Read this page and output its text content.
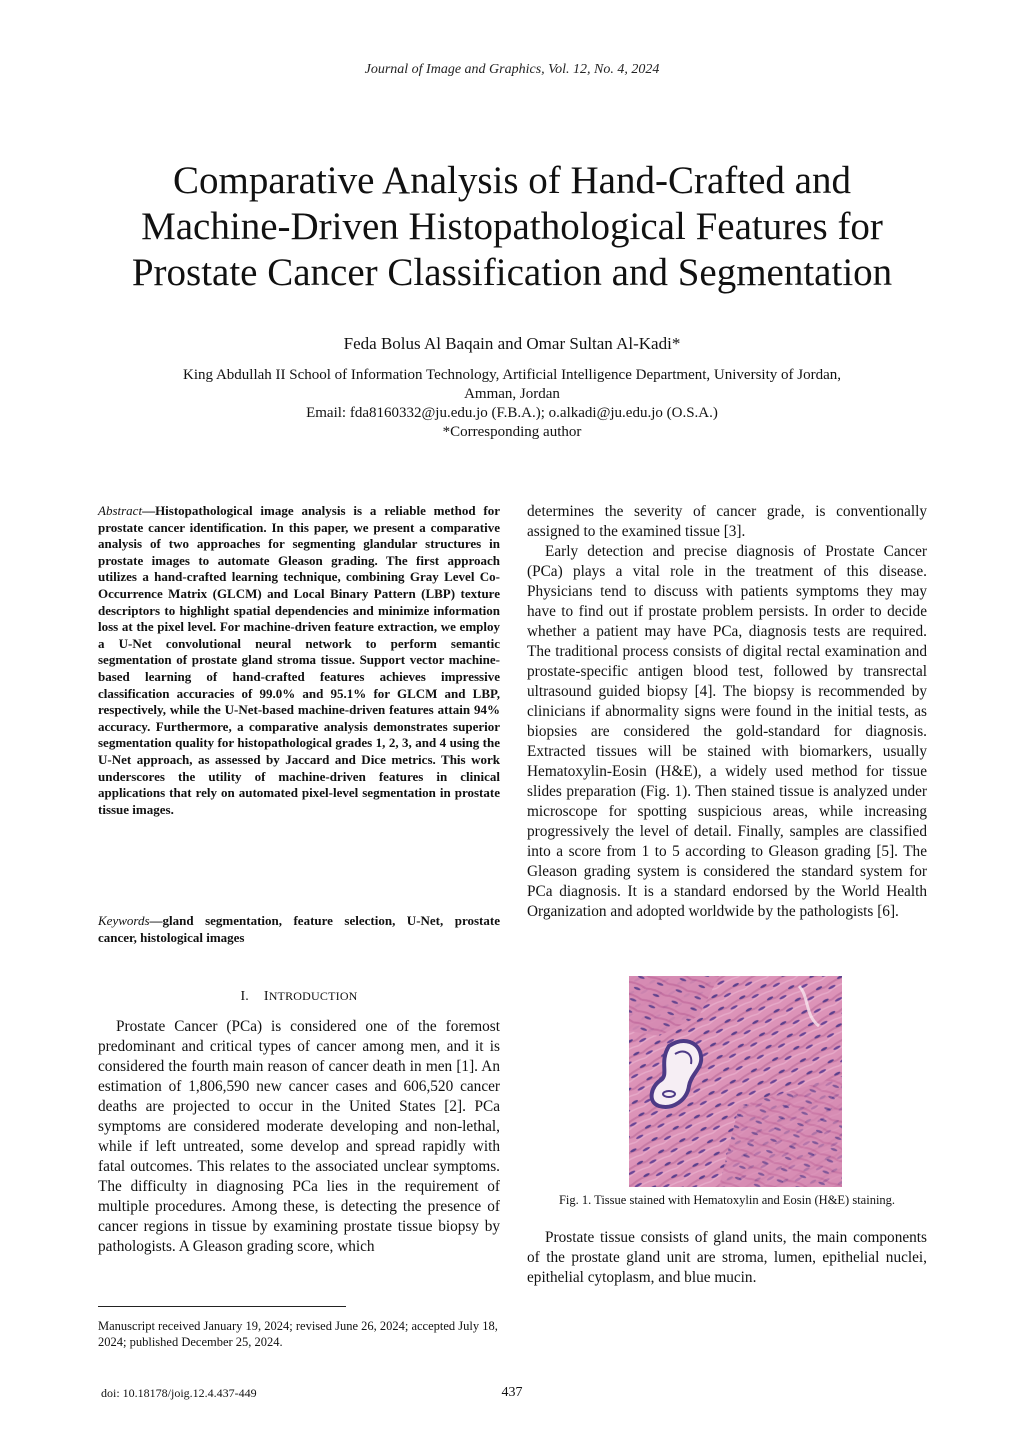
Journal of Image and Graphics, Vol. 12, No. 4, 2024
Comparative Analysis of Hand-Crafted and
Machine-Driven Histopathological Features for
Prostate Cancer Classification and Segmentation
Feda Bolus Al Baqain and Omar Sultan Al-Kadi*
King Abdullah II School of Information Technology, Artificial Intelligence Department, University of Jordan,
Amman, Jordan
Email: fda8160332@ju.edu.jo (F.B.A.); o.alkadi@ju.edu.jo (O.S.A.)
*Corresponding author
Abstract—Histopathological image analysis is a reliable method for prostate cancer identification. In this paper, we present a comparative analysis of two approaches for segmenting glandular structures in prostate images to automate Gleason grading. The first approach utilizes a hand-crafted learning technique, combining Gray Level Co-Occurrence Matrix (GLCM) and Local Binary Pattern (LBP) texture descriptors to highlight spatial dependencies and minimize information loss at the pixel level. For machine-driven feature extraction, we employ a U-Net convolutional neural network to perform semantic segmentation of prostate gland stroma tissue. Support vector machine-based learning of hand-crafted features achieves impressive classification accuracies of 99.0% and 95.1% for GLCM and LBP, respectively, while the U-Net-based machine-driven features attain 94% accuracy. Furthermore, a comparative analysis demonstrates superior segmentation quality for histopathological grades 1, 2, 3, and 4 using the U-Net approach, as assessed by Jaccard and Dice metrics. This work underscores the utility of machine-driven features in clinical applications that rely on automated pixel-level segmentation in prostate tissue images.
Keywords—gland segmentation, feature selection, U-Net, prostate cancer, histological images
I. INTRODUCTION

Prostate Cancer (PCa) is considered one of the foremost predominant and critical types of cancer among men, and it is considered the fourth main reason of cancer death in men [1]. An estimation of 1,806,590 new cancer cases and 606,520 cancer deaths are projected to occur in the United States [2]. PCa symptoms are considered moderate developing and non-lethal, while if left untreated, some develop and spread rapidly with fatal outcomes. This relates to the associated unclear symptoms. The difficulty in diagnosing PCa lies in the requirement of multiple procedures. Among these, is detecting the presence of cancer regions in tissue by examining prostate tissue biopsy by pathologists. A Gleason grading score, which

determines the severity of cancer grade, is conventionally assigned to the examined tissue [3].

Early detection and precise diagnosis of Prostate Cancer (PCa) plays a vital role in the treatment of this disease. Physicians tend to discuss with patients symptoms they may have to find out if prostate problem persists. In order to decide whether a patient may have PCa, diagnosis tests are required. The traditional process consists of digital rectal examination and prostate-specific antigen blood test, followed by transrectal ultrasound guided biopsy [4]. The biopsy is recommended by clinicians if abnormality signs were found in the initial tests, as biopsies are considered the gold-standard for diagnosis. Extracted tissues will be stained with biomarkers, usually Hematoxylin-Eosin (H&E), a widely used method for tissue slides preparation (Fig. 1). Then stained tissue is analyzed under microscope for spotting suspicious areas, while increasing progressively the level of detail. Finally, samples are classified into a score from 1 to 5 according to Gleason grading [5]. The Gleason grading system is considered the standard system for PCa diagnosis. It is a standard endorsed by the World Health Organization and adopted worldwide by the pathologists [6].

Fig. 1. Tissue stained with Hematoxylin and Eosin (H&E) staining.

Prostate tissue consists of gland units, the main components of the prostate gland unit are stroma, lumen, epithelial nuclei, epithelial cytoplasm, and blue mucin.

Manuscript received January 19, 2024; revised June 26, 2024; accepted July 18, 2024; published December 25, 2024.
doi: 10.18178/joig.12.4.437-449	437
